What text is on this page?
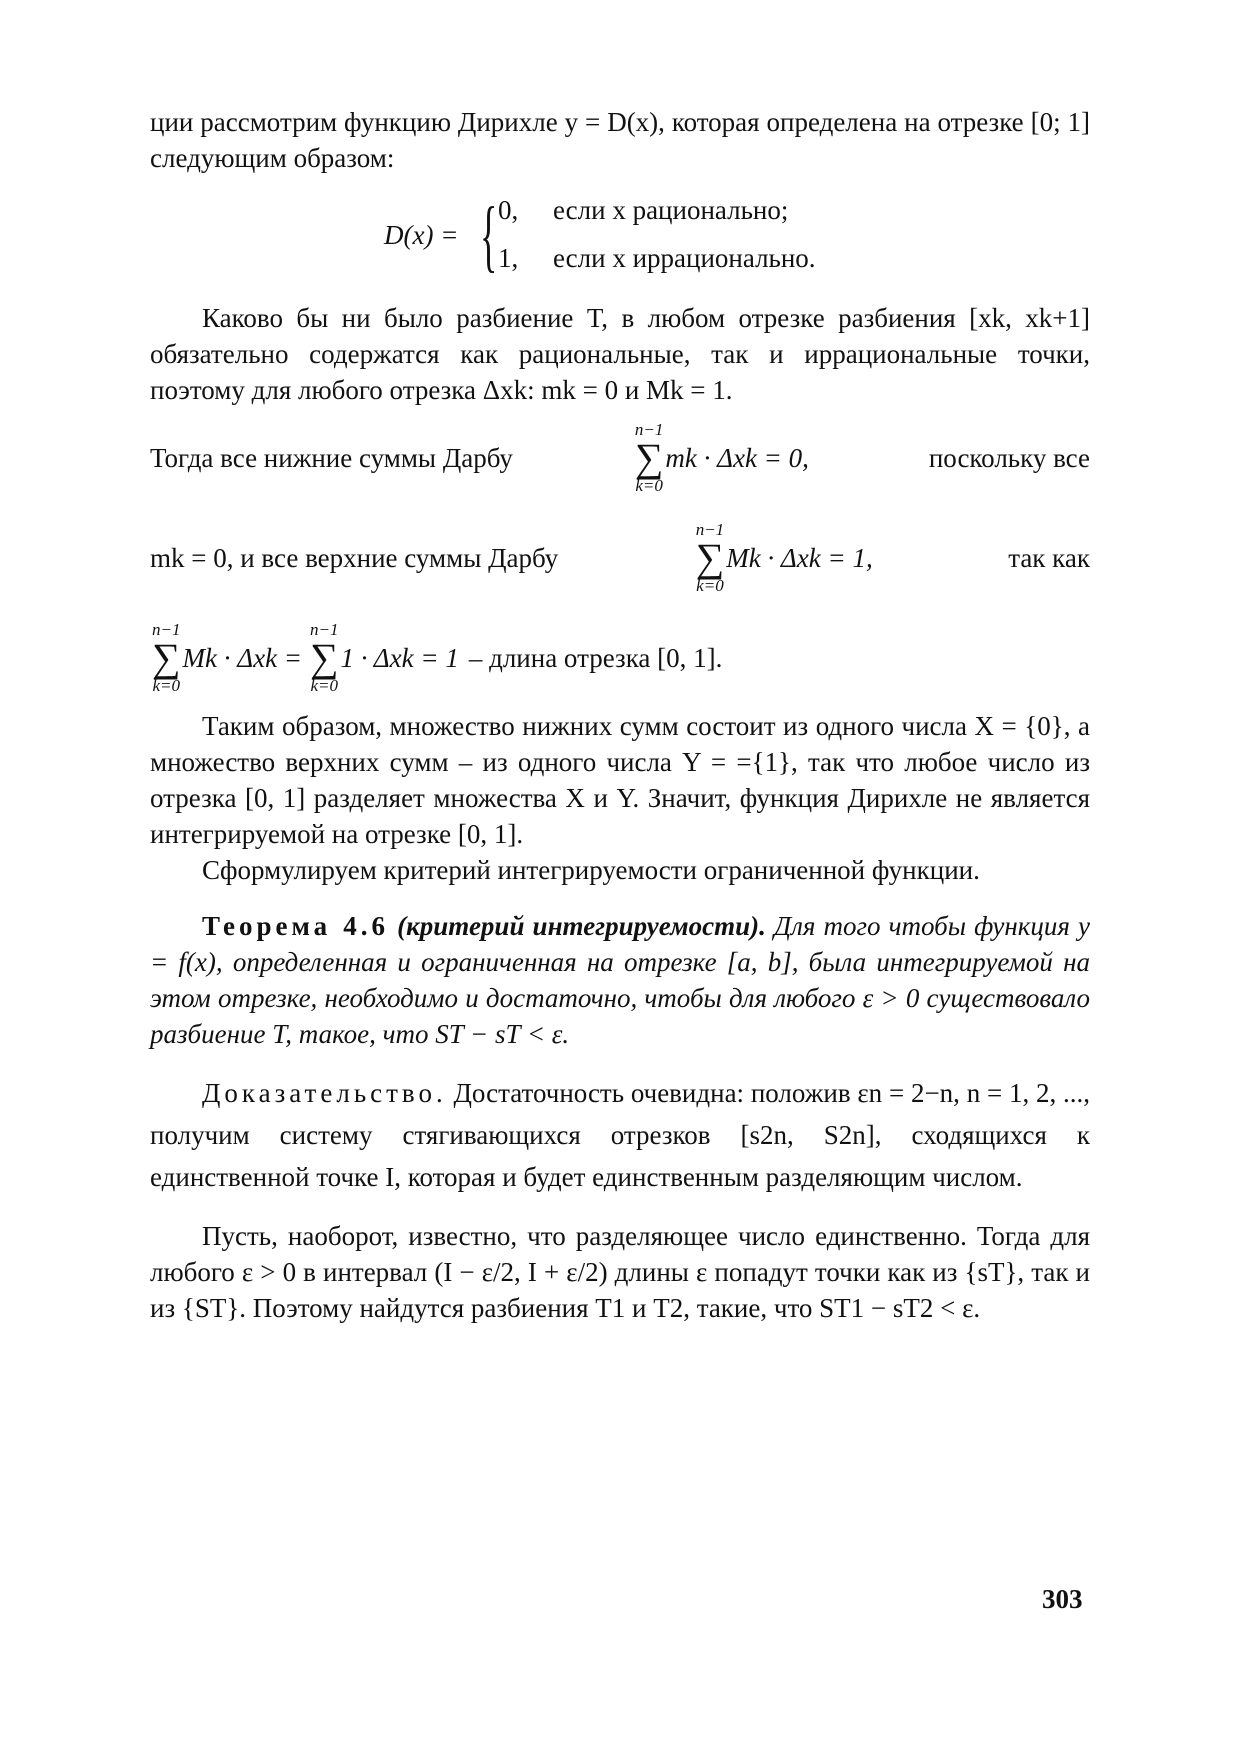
ции рассмотрим функцию Дирихле y = D(x), которая определена на отрезке [0; 1] следующим образом:

D(x) = { 0, если x рационально;
1, если x иррационально.

Каково бы ни было разбиение T, в любом отрезке разбиения [xk, xk+1] обязательно содержатся как рациональные, так и иррациональные точки, поэтому для любого отрезка Δxk: mk = 0 и Mk = 1.

Тогда все нижние суммы Дарбу
n−1
∑
k=0
mk · Δxk = 0,	поскольку все
mk = 0, и все верхние суммы Дарбу
n−1
∑
k=0
Mk · Δxk = 1,	так как
n−1
∑
k=0
Mk · Δxk =
n−1
∑
k=0
1 · Δxk = 1 – длина отрезка [0, 1].

Таким образом, множество нижних сумм состоит из одного числа X = {0}, а множество верхних сумм – из одного числа Y = ={1}, так что любое число из отрезка [0, 1] разделяет множества X и Y. Значит, функция Дирихле не является интегрируемой на отрезке [0, 1].

Сформулируем критерий интегрируемости ограниченной функции.

Теорема 4.6 (критерий интегрируемости). Для того чтобы функция y = f(x), определенная и ограниченная на отрезке [a, b], была интегрируемой на этом отрезке, необходимо и достаточно, чтобы для любого ε > 0 существовало разбиение T, такое, что ST − sT < ε.

Доказательство. Достаточность очевидна: положив εn = 2−n, n = 1, 2, ..., получим систему стягивающихся отрезков [s2n, S2n], сходящихся к единственной точке I, которая и будет единственным разделяющим числом.

Пусть, наоборот, известно, что разделяющее число единственно. Тогда для любого ε > 0 в интервал (I − ε/2, I + ε/2) длины ε попадут точки как из {sT}, так и из {ST}. Поэтому найдутся разбиения T1 и T2, такие, что ST1 − sT2 < ε.

303
